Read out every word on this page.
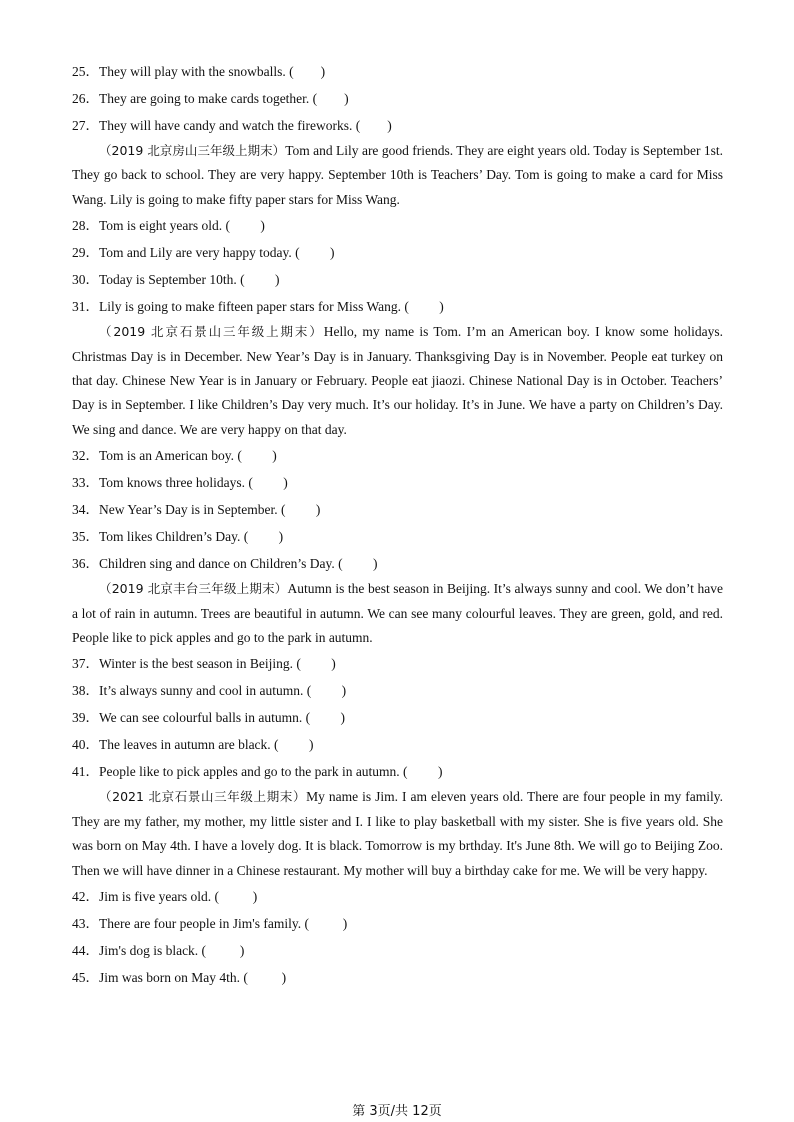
25．They will play with the snowballs. ( )
26．They are going to make cards together. ( )
27．They will have candy and watch the fireworks. ( )

（2019 北京房山三年级上期末）Tom and Lily are good friends. They are eight years old. Today is September 1st. They go back to school. They are very happy. September 10th is Teachers’ Day. Tom is going to make a card for Miss Wang. Lily is going to make fifty paper stars for Miss Wang.

28．Tom is eight years old. ( )
29．Tom and Lily are very happy today. ( )
30．Today is September 10th. ( )
31．Lily is going to make fifteen paper stars for Miss Wang. ( )

（2019 北京石景山三年级上期末）Hello, my name is Tom. I’m an American boy. I know some holidays. Christmas Day is in December. New Year’s Day is in January. Thanksgiving Day is in November. People eat turkey on that day. Chinese New Year is in January or February. People eat jiaozi. Chinese National Day is in October. Teachers’ Day is in September. I like Children’s Day very much. It’s our holiday. It’s in June. We have a party on Children’s Day. We sing and dance. We are very happy on that day.

32．Tom is an American boy. ( )
33．Tom knows three holidays. ( )
34．New Year’s Day is in September. ( )
35．Tom likes Children’s Day. ( )
36．Children sing and dance on Children’s Day. ( )

（2019 北京丰台三年级上期末）Autumn is the best season in Beijing. It’s always sunny and cool. We don’t have a lot of rain in autumn. Trees are beautiful in autumn. We can see many colourful leaves. They are green, gold, and red. People like to pick apples and go to the park in autumn.

37．Winter is the best season in Beijing. ( )
38．It’s always sunny and cool in autumn. ( )
39．We can see colourful balls in autumn. ( )
40．The leaves in autumn are black. ( )
41．People like to pick apples and go to the park in autumn. ( )

（2021 北京石景山三年级上期末）My name is Jim. I am eleven years old. There are four people in my family. They are my father, my mother, my little sister and I. I like to play basketball with my sister. She is five years old. She was born on May 4th. I have a lovely dog. It is black. Tomorrow is my brthday. It's June 8th. We will go to Beijing Zoo. Then we will have dinner in a Chinese restaurant. My mother will buy a birthday cake for me. We will be very happy.

42．Jim is five years old. (	)
43．There are four people in Jim's family. (	)
44．Jim's dog is black. (	)
45．Jim was born on May 4th. (	)
第 3页/共 12页
